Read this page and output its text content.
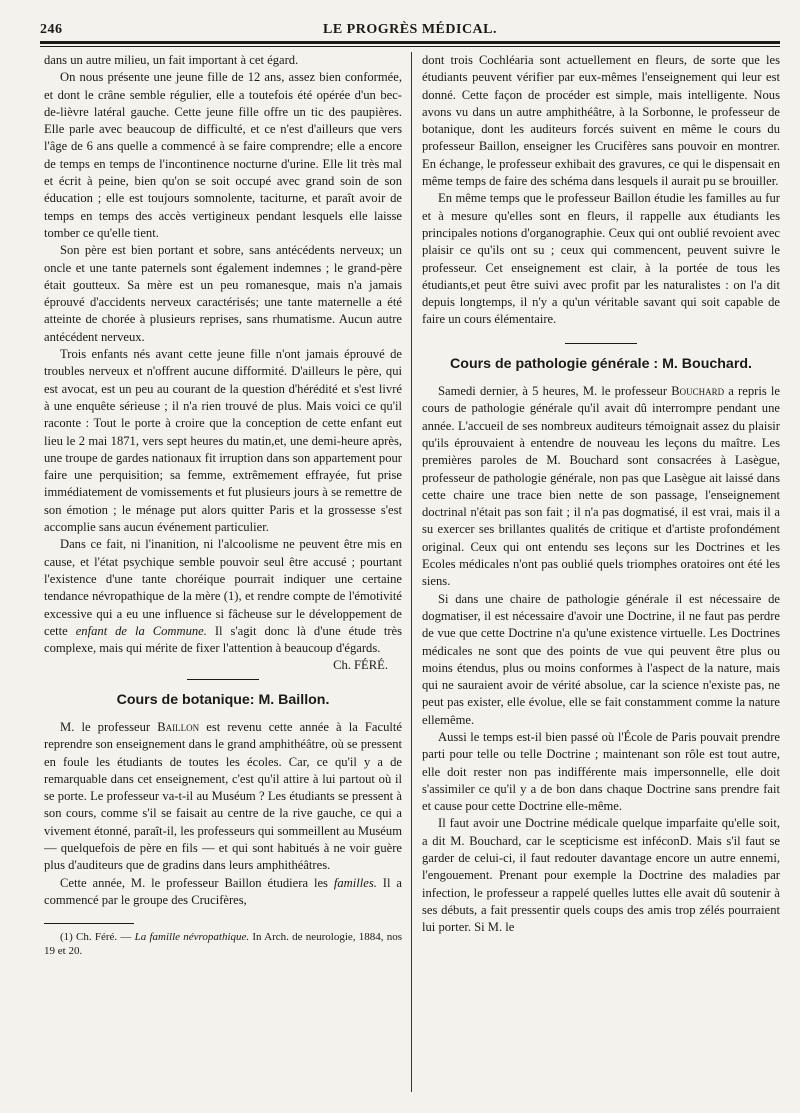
246	LE PROGRÈS MÉDICAL.

dans un autre milieu, un fait important à cet égard.

On nous présente une jeune fille de 12 ans, assez bien conformée, et dont le crâne semble régulier, elle a toutefois été opérée d'un bec-de-lièvre latéral gauche. Cette jeune fille offre un tic des paupières. Elle parle avec beaucoup de difficulté, et ce n'est d'ailleurs que vers l'âge de 6 ans quelle a commencé à se faire comprendre; elle a encore de temps en temps de l'incontinence nocturne d'urine. Elle lit très mal et écrit à peine, bien qu'on se soit occupé avec grand soin de son éducation ; elle est toujours somnolente, taciturne, et paraît avoir de temps en temps des accès vertigineux pendant lesquels elle laisse tomber ce qu'elle tient.

Son père est bien portant et sobre, sans antécédents nerveux; un oncle et une tante paternels sont également indemnes ; le grand-père était goutteux. Sa mère est un peu romanesque, mais n'a jamais éprouvé d'accidents nerveux caractérisés; une tante maternelle a été atteinte de chorée à plusieurs reprises, sans rhumatisme. Aucun autre antécédent nerveux.

Trois enfants nés avant cette jeune fille n'ont jamais éprouvé de troubles nerveux et n'offrent aucune difformité. D'ailleurs le père, qui est avocat, est un peu au courant de la question d'hérédité et s'est livré à une enquête sérieuse ; il n'a rien trouvé de plus. Mais voici ce qu'il raconte : Tout le porte à croire que la conception de cette enfant eut lieu le 2 mai 1871, vers sept heures du matin,et, une demi-heure après, une troupe de gardes nationaux fit irruption dans son appartement pour faire une perquisition; sa femme, extrêmement effrayée, fut prise immédiatement de vomissements et fut plusieurs jours à se remettre de son émotion ; le ménage put alors quitter Paris et la grossesse s'est accomplie sans aucun événement particulier.

Dans ce fait, ni l'inanition, ni l'alcoolisme ne peuvent être mis en cause, et l'état psychique semble pouvoir seul être accusé ; pourtant l'existence d'une tante choréique pourrait indiquer une certaine tendance névropathique de la mère (1), et rendre compte de l'émotivité excessive qui a eu une influence si fâcheuse sur le développement de cette enfant de la Commune. Il s'agit donc là d'une étude très complexe, mais qui mérite de fixer l'attention à beaucoup d'égards.

Ch. FÉRÉ.

Cours de botanique: M. Baillon.

M. le professeur Baillon est revenu cette année à la Faculté reprendre son enseignement dans le grand amphithéâtre, où se pressent en foule les étudiants de toutes les écoles. Car, ce qu'il y a de remarquable dans cet enseignement, c'est qu'il attire à lui partout où il se porte. Le professeur va-t-il au Muséum ? Les étudiants se pressent à son cours, comme s'il se faisait au centre de la rive gauche, ce qui a vivement étonné, paraît-il, les professeurs qui sommeillent au Muséum — quelquefois de père en fils — et qui sont habitués à ne voir guère plus d'auditeurs que de gradins dans leurs amphithéâtres.

Cette année, M. le professeur Baillon étudiera les familles. Il a commencé par le groupe des Crucifères,

(1) Ch. Féré. — La famille névropathique. In Arch. de neurologie, 1884, nos 19 et 20.

dont trois Cochléaria sont actuellement en fleurs, de sorte que les étudiants peuvent vérifier par eux-mêmes l'enseignement qui leur est donné. Cette façon de procéder est simple, mais intelligente. Nous avons vu dans un autre amphithéâtre, à la Sorbonne, le professeur de botanique, dont les auditeurs forcés suivent en même le cours du professeur Baillon, enseigner les Crucifères sans pouvoir en montrer. En échange, le professeur exhibait des gravures, ce qui le dispensait en même temps de faire des schéma dans lesquels il aurait pu se brouiller.

En même temps que le professeur Baillon étudie les familles au fur et à mesure qu'elles sont en fleurs, il rappelle aux étudiants les principales notions d'organographie. Ceux qui ont oublié revoient avec plaisir ce qu'ils ont su ; ceux qui commencent, peuvent suivre le professeur. Cet enseignement est clair, à la portée de tous les étudiants,et peut être suivi avec profit par les naturalistes : on l'a dit depuis longtemps, il n'y a qu'un véritable savant qui soit capable de faire un cours élémentaire.

Cours de pathologie générale : M. Bouchard.

Samedi dernier, à 5 heures, M. le professeur Bouchard a repris le cours de pathologie générale qu'il avait dû interrompre pendant une année. L'accueil de ses nombreux auditeurs témoignait assez du plaisir qu'ils éprouvaient à entendre de nouveau les leçons du maître. Les premières paroles de M. Bouchard sont consacrées à Lasègue, professeur de pathologie générale, non pas que Lasègue ait laissé dans cette chaire une trace bien nette de son passage, l'enseignement doctrinal n'était pas son fait ; il n'a pas dogmatisé, il est vrai, mais il a su exercer ses brillantes qualités de critique et d'artiste profondément original. Ceux qui ont entendu ses leçons sur les Doctrines et les Ecoles médicales n'ont pas oublié quels triomphes oratoires ont été les siens.

Si dans une chaire de pathologie générale il est nécessaire de dogmatiser, il est nécessaire d'avoir une Doctrine, il ne faut pas perdre de vue que cette Doctrine n'a qu'une existence virtuelle. Les Doctrines médicales ne sont que des points de vue qui peuvent être plus ou moins étendus, plus ou moins conformes à l'aspect de la nature, mais qui ne sauraient avoir de vérité absolue, car la science n'existe pas, ne peut pas exister, elle évolue, elle se fait constamment comme la nature ellemême.

Aussi le temps est-il bien passé où l'École de Paris pouvait prendre parti pour telle ou telle Doctrine ; maintenant son rôle est tout autre, elle doit rester non pas indifférente mais impersonnelle, elle doit s'assimiler ce qu'il y a de bon dans chaque Doctrine sans prendre fait et cause pour cette Doctrine elle-même.

Il faut avoir une Doctrine médicale quelque imparfaite qu'elle soit, a dit M. Bouchard, car le scepticisme est inféconD. Mais s'il faut se garder de celui-ci, il faut redouter davantage encore un autre ennemi, l'engouement. Prenant pour exemple la Doctrine des maladies par infection, le professeur a rappelé quelles luttes elle avait dû soutenir à ses débuts, a fait pressentir quels coups des amis trop zélés pourraient lui porter. Si M. le
